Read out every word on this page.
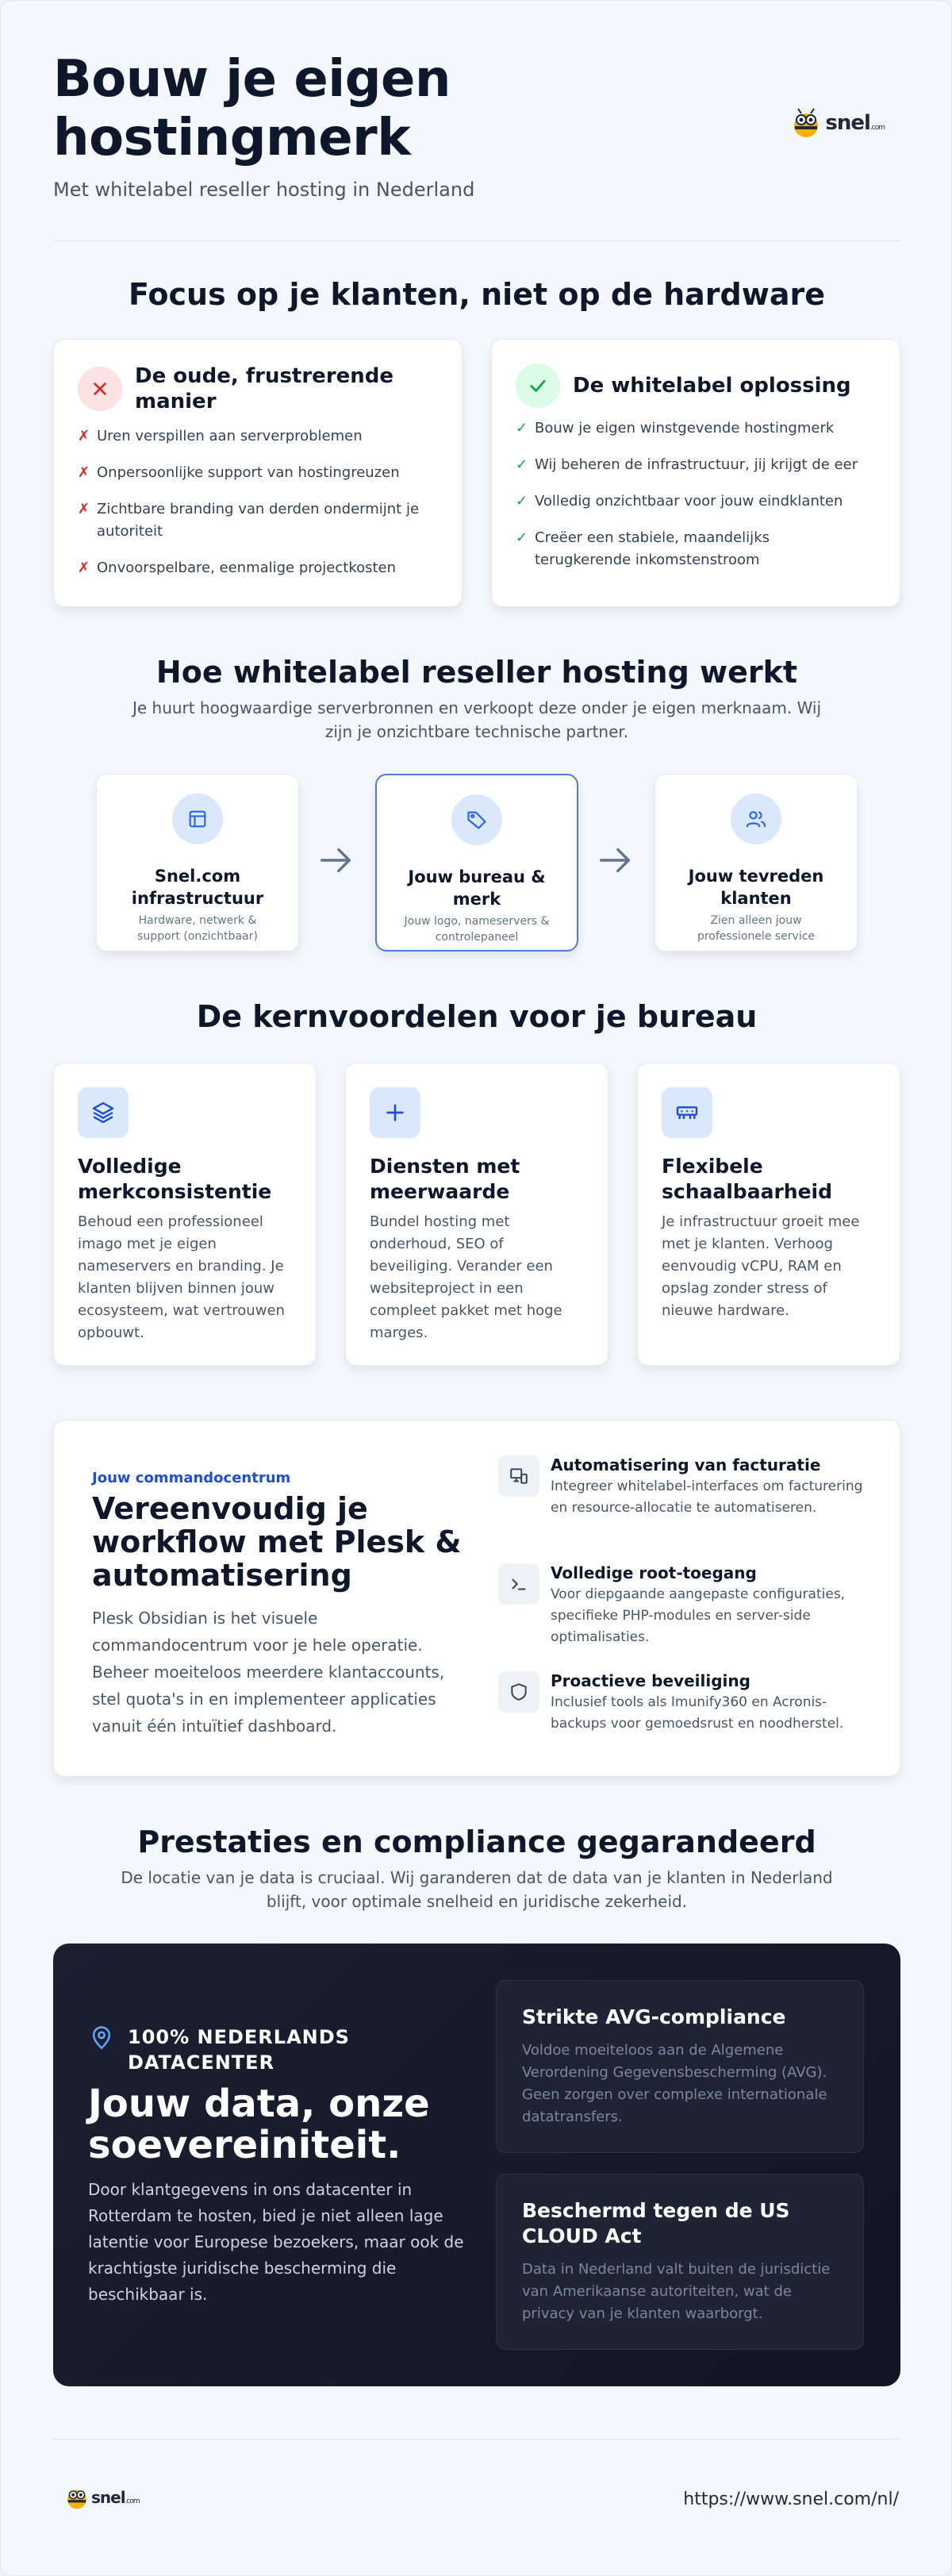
Bouw je eigen
hostingmerk
Met whitelabel reseller hosting in Nederland
snel.com
Focus op je klanten, niet op de hardware
De oude, frustrerende manier
✗ Uren verspillen aan serverproblemen
✗ Onpersoonlijke support van hostingreuzen
✗ Zichtbare branding van derden ondermijnt je autoriteit
✗ Onvoorspelbare, eenmalige projectkosten
De whitelabel oplossing
✓ Bouw je eigen winstgevende hostingmerk
✓ Wij beheren de infrastructuur, jij krijgt de eer
✓ Volledig onzichtbaar voor jouw eindklanten
✓ Creëer een stabiele, maandelijks terugkerende inkomstenstroom
Hoe whitelabel reseller hosting werkt
Je huurt hoogwaardige serverbronnen en verkoopt deze onder je eigen merknaam. Wij zijn je onzichtbare technische partner.
Snel.com infrastructuur
Hardware, netwerk & support (onzichtbaar)
Jouw bureau & merk
Jouw logo, nameservers & controlepaneel
Jouw tevreden klanten
Zien alleen jouw professionele service
De kernvoordelen voor je bureau
Volledige merkconsistentie
Behoud een professioneel imago met je eigen nameservers en branding. Je klanten blijven binnen jouw ecosysteem, wat vertrouwen opbouwt.
Diensten met meerwaarde
Bundel hosting met onderhoud, SEO of beveiliging. Verander een websiteproject in een compleet pakket met hoge marges.
Flexibele schaalbaarheid
Je infrastructuur groeit mee met je klanten. Verhoog eenvoudig vCPU, RAM en opslag zonder stress of nieuwe hardware.
Jouw commandocentrum
Vereenvoudig je workflow met Plesk & automatisering
Plesk Obsidian is het visuele commandocentrum voor je hele operatie. Beheer moeiteloos meerdere klantaccounts, stel quota's in en implementeer applicaties vanuit één intuïtief dashboard.
Automatisering van facturatie
Integreer whitelabel-interfaces om facturering en resource-allocatie te automatiseren.
Volledige root-toegang
Voor diepgaande aangepaste configuraties, specifieke PHP-modules en server-side optimalisaties.
Proactieve beveiliging
Inclusief tools als Imunify360 en Acronis-backups voor gemoedsrust en noodherstel.
Prestaties en compliance gegarandeerd
De locatie van je data is cruciaal. Wij garanderen dat de data van je klanten in Nederland blijft, voor optimale snelheid en juridische zekerheid.
100% NEDERLANDS DATACENTER
Jouw data, onze soevereiniteit.
Door klantgegevens in ons datacenter in Rotterdam te hosten, bied je niet alleen lage latentie voor Europese bezoekers, maar ook de krachtigste juridische bescherming die beschikbaar is.
Strikte AVG-compliance
Voldoe moeiteloos aan de Algemene Verordening Gegevensbescherming (AVG). Geen zorgen over complexe internationale datatransfers.
Beschermd tegen de US CLOUD Act
Data in Nederland valt buiten de jurisdictie van Amerikaanse autoriteiten, wat de privacy van je klanten waarborgt.
snel.com	https://www.snel.com/nl/
